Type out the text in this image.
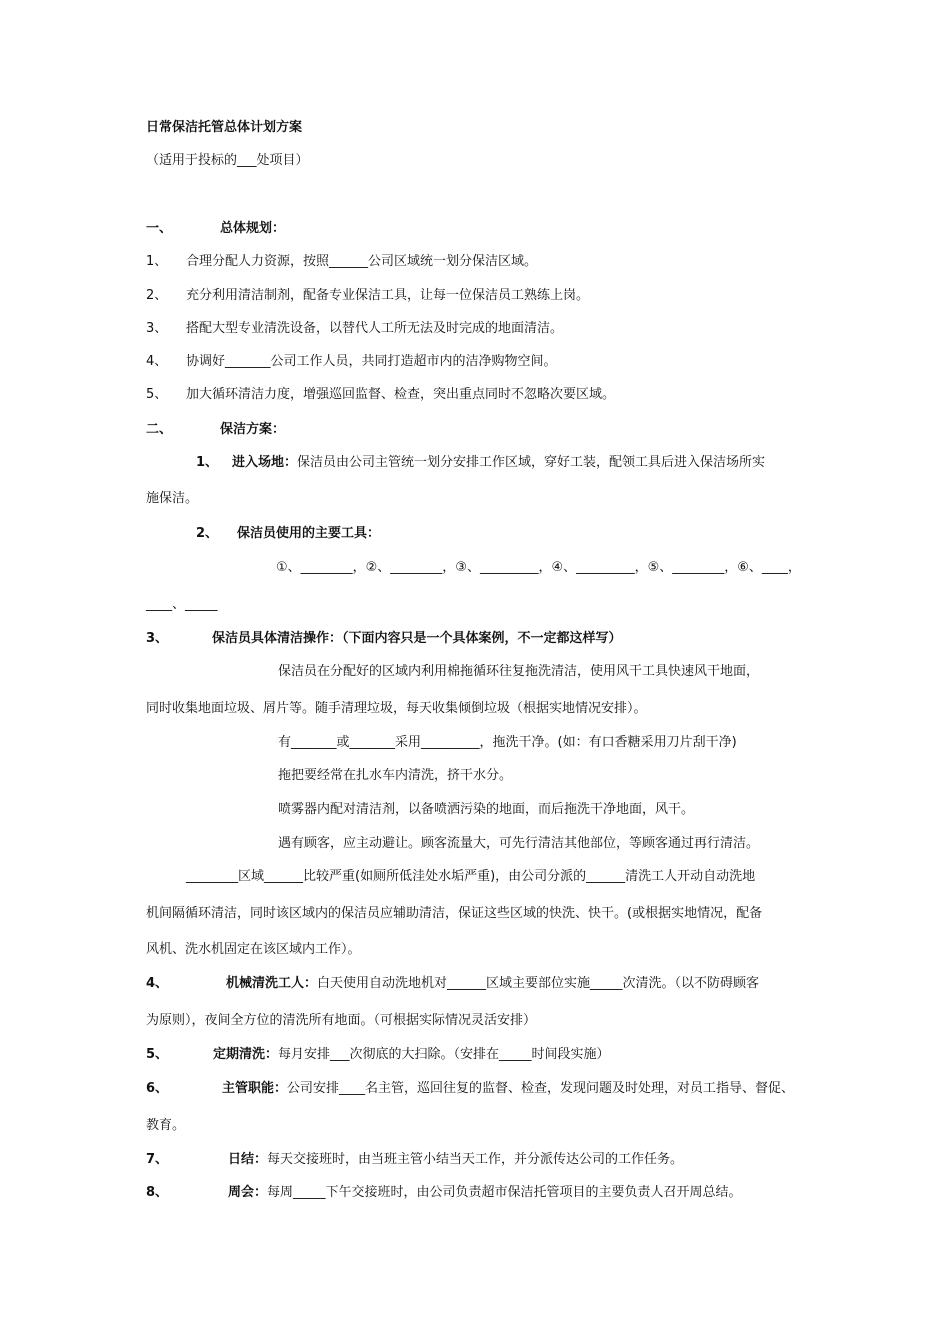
日常保洁托管总体计划方案
（适用于投标的___处项目）
一、	总体规划：
1、 合理分配人力资源，按照______公司区域统一划分保洁区域。
2、 充分利用清洁制剂，配备专业保洁工具，让每一位保洁员工熟练上岗。
3、 搭配大型专业清洗设备，以替代人工所无法及时完成的地面清洁。
4、 协调好_______公司工作人员，共同打造超市内的洁净购物空间。
5、 加大循环清洁力度，增强巡回监督、检查，突出重点同时不忽略次要区域。
二、	保洁方案：
1、 进入场地：保洁员由公司主管统一划分安排工作区域，穿好工装，配领工具后进入保洁场所实
施保洁。
2、 保洁员使用的主要工具：
①、________，②、________，③、_________，④、_________，⑤、________，⑥、____，
____、_____
3、	保洁员具体清洁操作：（下面内容只是一个具体案例，不一定都这样写）
保洁员在分配好的区域内利用棉拖循环往复拖洗清洁，使用风干工具快速风干地面，
同时收集地面垃圾、屑片等。随手清理垃圾，每天收集倾倒垃圾（根据实地情况安排）。
有_______或_______采用_________，拖洗干净。(如：有口香糖采用刀片刮干净)
拖把要经常在扎水车内清洗，挤干水分。
喷雾器内配对清洁剂，以备喷洒污染的地面，而后拖洗干净地面，风干。
遇有顾客，应主动避让。顾客流量大，可先行清洁其他部位，等顾客通过再行清洁。
________区域______比较严重(如厕所低洼处水垢严重)，由公司分派的______清洗工人开动自动洗地
机间隔循环清洁，同时该区域内的保洁员应辅助清洁，保证这些区域的快洗、快干。(或根据实地情况，配备
风机、洗水机固定在该区域内工作）。
4、	机械清洗工人：白天使用自动洗地机对______区域主要部位实施_____次清洗。（以不防碍顾客
为原则），夜间全方位的清洗所有地面。（可根据实际情况灵活安排）
5、	定期清洗：每月安排___次彻底的大扫除。（安排在_____时间段实施）
6、	主管职能：公司安排____名主管，巡回往复的监督、检查，发现问题及时处理，对员工指导、督促、
教育。
7、	日结：每天交接班时，由当班主管小结当天工作，并分派传达公司的工作任务。
8、	周会：每周_____下午交接班时，由公司负责超市保洁托管项目的主要负责人召开周总结。
